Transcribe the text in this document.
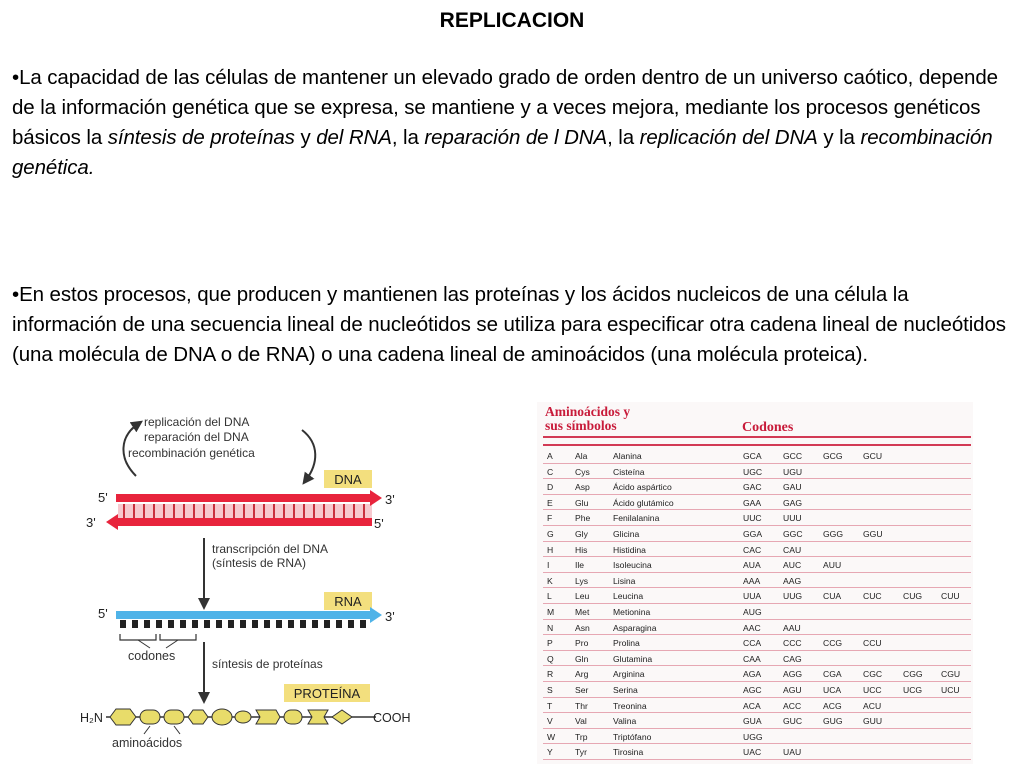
REPLICACION

•La capacidad de las células de mantener un elevado grado de orden dentro de un universo caótico, depende de la información genética que se expresa, se mantiene y a veces mejora, mediante los procesos genéticos básicos la síntesis de proteínas y del RNA, la reparación de l DNA, la replicación del DNA y la recombinación genética.

•En estos procesos, que producen y mantienen las proteínas y los ácidos nucleicos de una célula la información de una secuencia lineal de nucleótidos se utiliza para especificar otra cadena lineal de nucleótidos (una molécula de DNA o de RNA) o una cadena lineal de aminoácidos (una molécula proteica).

replicación del DNA
reparación del DNA
recombinación genética
DNA
5'	3'
3'	5'
transcripción del DNA
(síntesis de RNA)
RNA
5'	3'
codones
síntesis de proteínas
PROTEÍNA
H₂N	COOH
aminoácidos
Aminoácidos y
sus símbolos	Codones
A	Ala	Alanina	GCA GCC GCG GCU
C	Cys	Cisteína	UGC UGU
D	Asp	Ácido aspártico	GAC GAU
E	Glu	Ácido glutámico	GAA	GAG
F	Phe	Fenilalanina	UUC UUU
G Gly	Glicina	GGA GGC GGG GGU
H	His	Histidina	CAC	CAU
I	Ile	Isoleucina	AUA	AUC	AUU
K	Lys	Lisina	AAA	AAG
L	Leu	Leucina	UUA	UUG CUA	CUC CUG CUU
M Met	Metionina	AUG
N	Asn	Asparagina	AAC	AAU
P	Pro	Prolina	CCA	CCC CCG CCU
Q Gln	Glutamina	CAA	CAG
R	Arg	Arginina	AGA	AGG CGA CGC CGG CGU
S	Ser	Serina	AGC AGU UCA	UCC UCG UCU
T	Thr	Treonina	ACA	ACC	ACG ACU
V	Val	Valina	GUA GUC GUG GUU
W Trp	Triptófano	UGG
Y	Tyr	Tirosina	UAC	UAU
